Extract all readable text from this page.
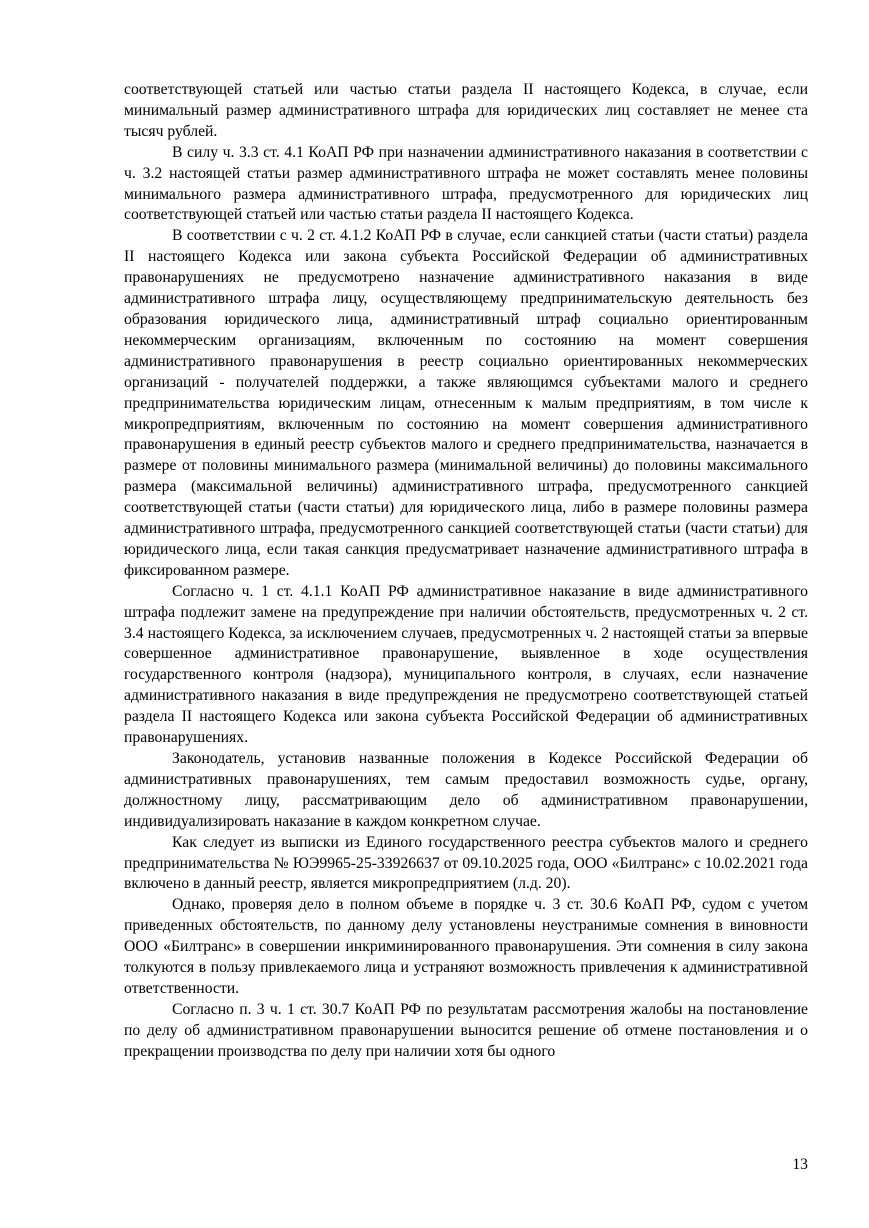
соответствующей статьей или частью статьи раздела II настоящего Кодекса, в случае, если минимальный размер административного штрафа для юридических лиц составляет не менее ста тысяч рублей.

В силу ч. 3.3 ст. 4.1 КоАП РФ при назначении административного наказания в соответствии с ч. 3.2 настоящей статьи размер административного штрафа не может составлять менее половины минимального размера административного штрафа, предусмотренного для юридических лиц соответствующей статьей или частью статьи раздела II настоящего Кодекса.

В соответствии с ч. 2 ст. 4.1.2 КоАП РФ в случае, если санкцией статьи (части статьи) раздела II настоящего Кодекса или закона субъекта Российской Федерации об административных правонарушениях не предусмотрено назначение административного наказания в виде административного штрафа лицу, осуществляющему предпринимательскую деятельность без образования юридического лица, административный штраф социально ориентированным некоммерческим организациям, включенным по состоянию на момент совершения административного правонарушения в реестр социально ориентированных некоммерческих организаций - получателей поддержки, а также являющимся субъектами малого и среднего предпринимательства юридическим лицам, отнесенным к малым предприятиям, в том числе к микропредприятиям, включенным по состоянию на момент совершения административного правонарушения в единый реестр субъектов малого и среднего предпринимательства, назначается в размере от половины минимального размера (минимальной величины) до половины максимального размера (максимальной величины) административного штрафа, предусмотренного санкцией соответствующей статьи (части статьи) для юридического лица, либо в размере половины размера административного штрафа, предусмотренного санкцией соответствующей статьи (части статьи) для юридического лица, если такая санкция предусматривает назначение административного штрафа в фиксированном размере.

Согласно ч. 1 ст. 4.1.1 КоАП РФ административное наказание в виде административного штрафа подлежит замене на предупреждение при наличии обстоятельств, предусмотренных ч. 2 ст. 3.4 настоящего Кодекса, за исключением случаев, предусмотренных ч. 2 настоящей статьи за впервые совершенное административное правонарушение, выявленное в ходе осуществления государственного контроля (надзора), муниципального контроля, в случаях, если назначение административного наказания в виде предупреждения не предусмотрено соответствующей статьей раздела II настоящего Кодекса или закона субъекта Российской Федерации об административных правонарушениях.

Законодатель, установив названные положения в Кодексе Российской Федерации об административных правонарушениях, тем самым предоставил возможность судье, органу, должностному лицу, рассматривающим дело об административном правонарушении, индивидуализировать наказание в каждом конкретном случае.

Как следует из выписки из Единого государственного реестра субъектов малого и среднего предпринимательства № ЮЭ9965-25-33926637 от 09.10.2025 года, ООО «Билтранс» с 10.02.2021 года включено в данный реестр, является микропредприятием (л.д. 20).

Однако, проверяя дело в полном объеме в порядке ч. 3 ст. 30.6 КоАП РФ, судом с учетом приведенных обстоятельств, по данному делу установлены неустранимые сомнения в виновности ООО «Билтранс» в совершении инкриминированного правонарушения. Эти сомнения в силу закона толкуются в пользу привлекаемого лица и устраняют возможность привлечения к административной ответственности.

Согласно п. 3 ч. 1 ст. 30.7 КоАП РФ по результатам рассмотрения жалобы на постановление по делу об административном правонарушении выносится решение об отмене постановления и о прекращении производства по делу при наличии хотя бы одного

13
